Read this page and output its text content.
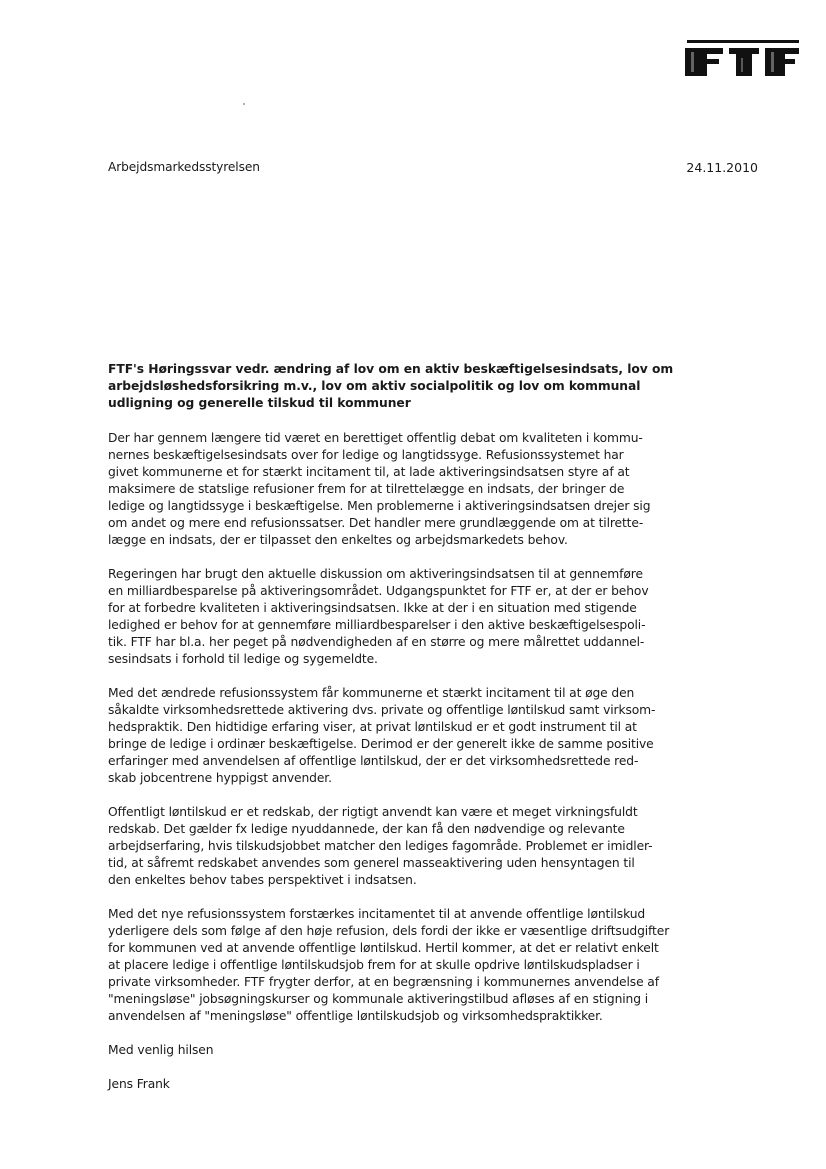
Arbejdsmarkedsstyrelsen	24.11.2010
FTF's Høringssvar vedr. ændring af lov om en aktiv beskæftigelsesindsats, lov om
arbejdsløshedsforsikring m.v., lov om aktiv socialpolitik og lov om kommunal
udligning og generelle tilskud til kommuner

Der har gennem længere tid været en berettiget offentlig debat om kvaliteten i kommu-
nernes beskæftigelsesindsats over for ledige og langtidssyge. Refusionssystemet har
givet kommunerne et for stærkt incitament til, at lade aktiveringsindsatsen styre af at
maksimere de statslige refusioner frem for at tilrettelægge en indsats, der bringer de
ledige og langtidssyge i beskæftigelse. Men problemerne i aktiveringsindsatsen drejer sig
om andet og mere end refusionssatser. Det handler mere grundlæggende om at tilrette-
lægge en indsats, der er tilpasset den enkeltes og arbejdsmarkedets behov.

Regeringen har brugt den aktuelle diskussion om aktiveringsindsatsen til at gennemføre
en milliardbesparelse på aktiveringsområdet. Udgangspunktet for FTF er, at der er behov
for at forbedre kvaliteten i aktiveringsindsatsen. Ikke at der i en situation med stigende
ledighed er behov for at gennemføre milliardbesparelser i den aktive beskæftigelsespoli-
tik. FTF har bl.a. her peget på nødvendigheden af en større og mere målrettet uddannel-
sesindsats i forhold til ledige og sygemeldte.

Med det ændrede refusionssystem får kommunerne et stærkt incitament til at øge den
såkaldte virksomhedsrettede aktivering dvs. private og offentlige løntilskud samt virksom-
hedspraktik. Den hidtidige erfaring viser, at privat løntilskud er et godt instrument til at
bringe de ledige i ordinær beskæftigelse. Derimod er der generelt ikke de samme positive
erfaringer med anvendelsen af offentlige løntilskud, der er det virksomhedsrettede red-
skab jobcentrene hyppigst anvender.

Offentligt løntilskud er et redskab, der rigtigt anvendt kan være et meget virkningsfuldt
redskab. Det gælder fx ledige nyuddannede, der kan få den nødvendige og relevante
arbejdserfaring, hvis tilskudsjobbet matcher den lediges fagområde. Problemet er imidler-
tid, at såfremt redskabet anvendes som generel masseaktivering uden hensyntagen til
den enkeltes behov tabes perspektivet i indsatsen.

Med det nye refusionssystem forstærkes incitamentet til at anvende offentlige løntilskud
yderligere dels som følge af den høje refusion, dels fordi der ikke er væsentlige driftsudgifter
for kommunen ved at anvende offentlige løntilskud. Hertil kommer, at det er relativt enkelt
at placere ledige i offentlige løntilskudsjob frem for at skulle opdrive løntilskudspladser i
private virksomheder. FTF frygter derfor, at en begrænsning i kommunernes anvendelse af
"meningsløse" jobsøgningskurser og kommunale aktiveringstilbud afløses af en stigning i
anvendelsen af "meningsløse" offentlige løntilskudsjob og virksomhedspraktikker.

Med venlig hilsen

Jens Frank
